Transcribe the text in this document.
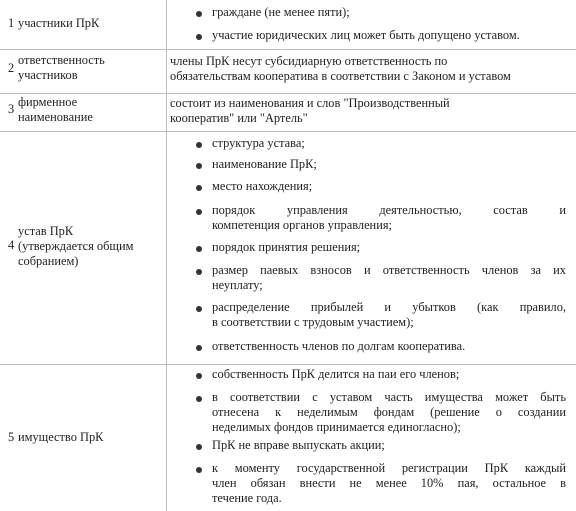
1 участники ПрК
граждане (не менее пяти);
участие юридических лиц может быть допущено уставом.
2
ответственность
участников
члены ПрК несут субсидиарную ответственность по
обязательствам кооператива в соответствии с Законом и уставом
3 фирменное
наименование
состоит из наименования и слов "Производственный
кооператив" или "Артель"
4
устав ПрК
(утверждается общим
собранием)
структура устава;
наименование ПрК;
место нахождения;
порядок управления деятельностью, состав и
компетенция органов управления;
порядок принятия решения;
размер паевых взносов и ответственность членов за их
неуплату;
распределение прибылей и убытков (как правило,
в соответствии с трудовым участием);
ответственность членов по долгам кооператива.
5 имущество ПрК
собственность ПрК делится на паи его членов;
в соответствии с уставом часть имущества может быть
отнесена к неделимым фондам (решение о создании
неделимых фондов принимается единогласно);
ПрК не вправе выпускать акции;
к моменту государственной регистрации ПрК каждый
член обязан внести не менее 10% пая, остальное в
течение года.
